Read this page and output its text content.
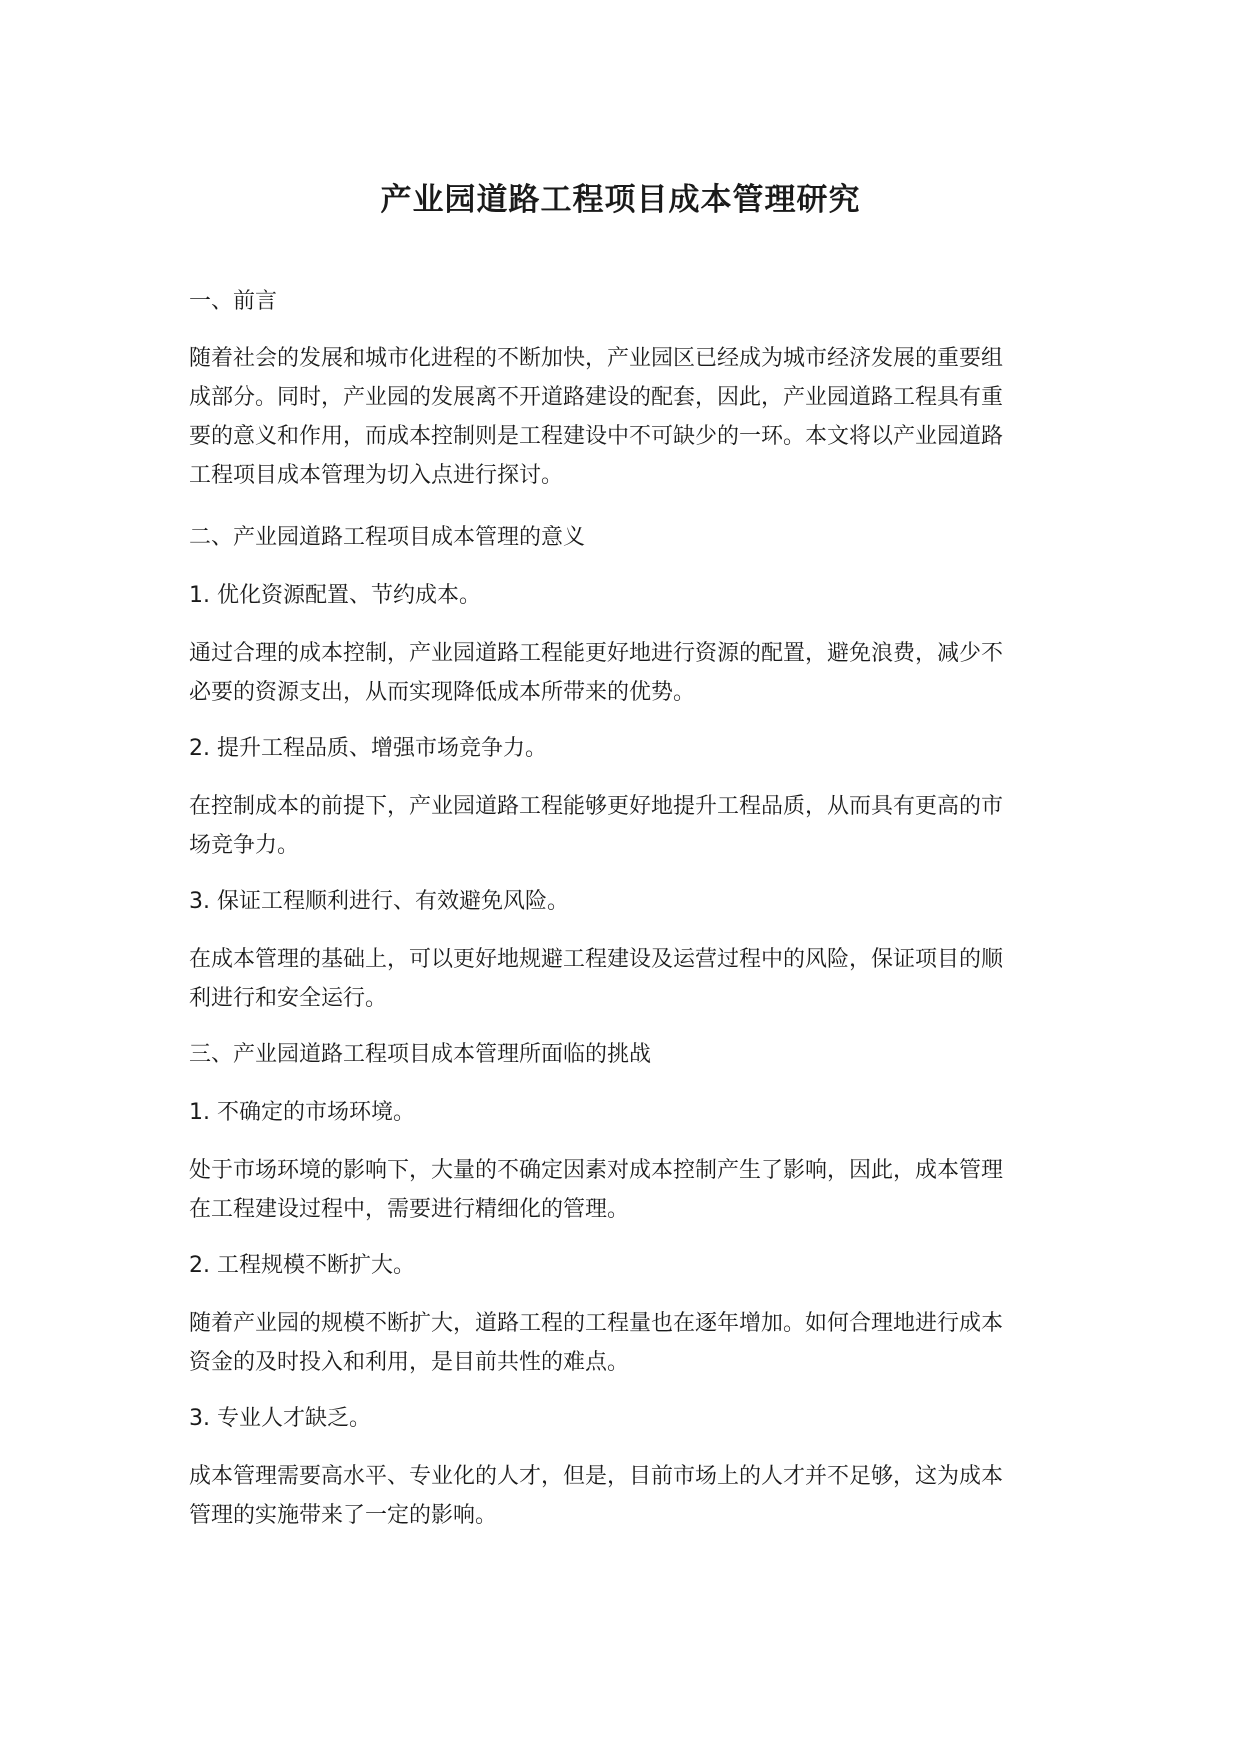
产业园道路工程项目成本管理研究
一、前言
随着社会的发展和城市化进程的不断加快，产业园区已经成为城市经济发展的重要组
成部分。同时，产业园的发展离不开道路建设的配套，因此，产业园道路工程具有重
要的意义和作用，而成本控制则是工程建设中不可缺少的一环。本文将以产业园道路
工程项目成本管理为切入点进行探讨。
二、产业园道路工程项目成本管理的意义
1. 优化资源配置、节约成本。
通过合理的成本控制，产业园道路工程能更好地进行资源的配置，避免浪费，减少不
必要的资源支出，从而实现降低成本所带来的优势。
2. 提升工程品质、增强市场竞争力。
在控制成本的前提下，产业园道路工程能够更好地提升工程品质，从而具有更高的市
场竞争力。
3. 保证工程顺利进行、有效避免风险。
在成本管理的基础上，可以更好地规避工程建设及运营过程中的风险，保证项目的顺
利进行和安全运行。
三、产业园道路工程项目成本管理所面临的挑战
1. 不确定的市场环境。
处于市场环境的影响下，大量的不确定因素对成本控制产生了影响，因此，成本管理
在工程建设过程中，需要进行精细化的管理。
2. 工程规模不断扩大。
随着产业园的规模不断扩大，道路工程的工程量也在逐年增加。如何合理地进行成本
资金的及时投入和利用，是目前共性的难点。
3. 专业人才缺乏。
成本管理需要高水平、专业化的人才，但是，目前市场上的人才并不足够，这为成本
管理的实施带来了一定的影响。
